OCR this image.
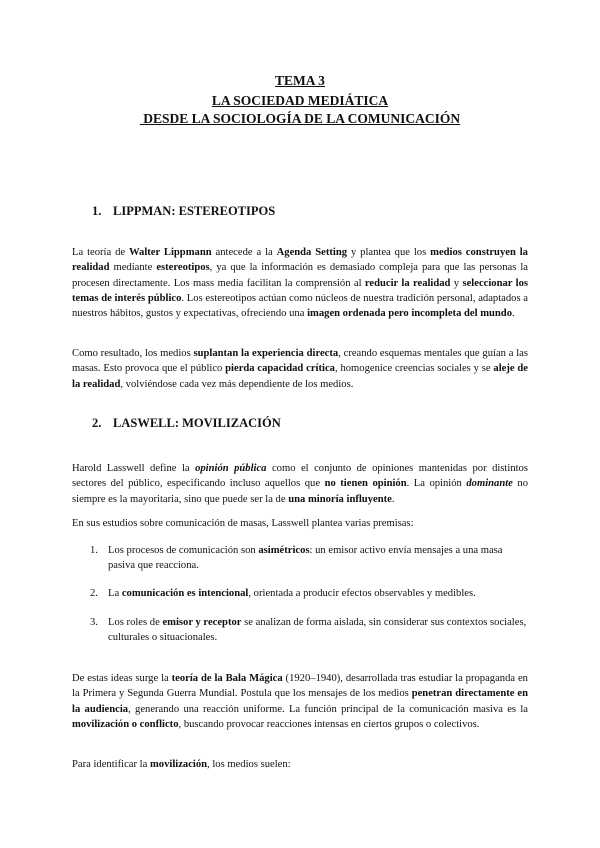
TEMA 3
LA SOCIEDAD MEDIÁTICA
DESDE LA SOCIOLOGÍA DE LA COMUNICACIÓN
1. LIPPMAN: ESTEREOTIPOS
La teoría de Walter Lippmann antecede a la Agenda Setting y plantea que los medios construyen la realidad mediante estereotipos, ya que la información es demasiado compleja para que las personas la procesen directamente. Los mass media facilitan la comprensión al reducir la realidad y seleccionar los temas de interés público. Los estereotipos actúan como núcleos de nuestra tradición personal, adaptados a nuestros hábitos, gustos y expectativas, ofreciendo una imagen ordenada pero incompleta del mundo.
Como resultado, los medios suplantan la experiencia directa, creando esquemas mentales que guían a las masas. Esto provoca que el público pierda capacidad crítica, homogenice creencias sociales y se aleje de la realidad, volviéndose cada vez más dependiente de los medios.
2. LASWELL: MOVILIZACIÓN
Harold Lasswell define la opinión pública como el conjunto de opiniones mantenidas por distintos sectores del público, especificando incluso aquellos que no tienen opinión. La opinión dominante no siempre es la mayoritaria, sino que puede ser la de una minoría influyente.
En sus estudios sobre comunicación de masas, Lasswell plantea varias premisas:
1. Los procesos de comunicación son asimétricos: un emisor activo envía mensajes a una masa pasiva que reacciona.
2. La comunicación es intencional, orientada a producir efectos observables y medibles.
3. Los roles de emisor y receptor se analizan de forma aislada, sin considerar sus contextos sociales, culturales o situacionales.
De estas ideas surge la teoría de la Bala Mágica (1920–1940), desarrollada tras estudiar la propaganda en la Primera y Segunda Guerra Mundial. Postula que los mensajes de los medios penetran directamente en la audiencia, generando una reacción uniforme. La función principal de la comunicación masiva es la movilización o conflicto, buscando provocar reacciones intensas en ciertos grupos o colectivos.
Para identificar la movilización, los medios suelen:
